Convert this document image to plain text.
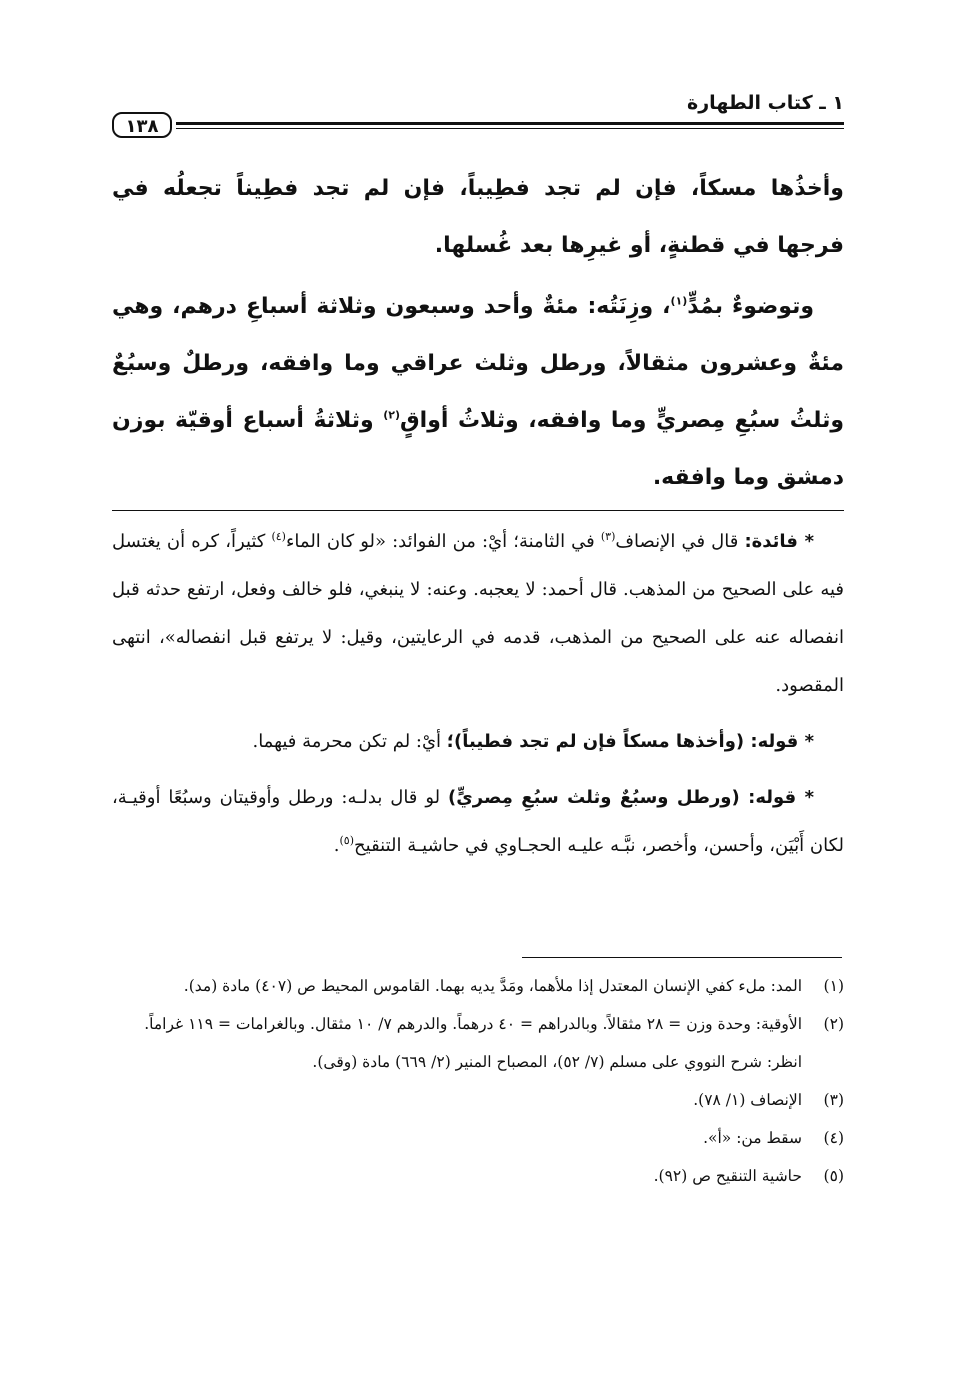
١ ـ كتاب الطهارة
١٣٨

وأخذُها مسكاً، فإن لم تجد فطِيباً، فإن لم تجد فطِيناً تجعلُه في فرجها في قطنةٍ، أو غيرِها بعد غُسلها.

وتوضوءٌ بمُدٍّ$^{(١)}$، وزِنَتُه: مئةٌ وأحد وسبعون وثلاثة أسباعِ درهم، وهي مئةٌ وعشرون مثقالاً، ورطل وثلث عراقي وما وافقه، ورطلٌ وسبُعٌ وثلثُ سبُعِ مِصريٍّ وما وافقه، وثلاثُ أواقٍ$^{(٢)}$ وثلاثةُ أسباع أوقيّة بوزن دمشق وما وافقه.

* فائدة: قال في الإنصاف$^{(٣)}$ في الثامنة؛ أيْ: من الفوائد: «لو كان الماء$^{(٤)}$ كثيراً، كره أن يغتسل فيه على الصحيح من المذهب. قال أحمد: لا يعجبه. وعنه: لا ينبغي، فلو خالف وفعل، ارتفع حدثه قبل انفصاله عنه على الصحيح من المذهب، قدمه في الرعايتين، وقيل: لا يرتفع قبل انفصاله»، انتهى المقصود.

* قوله: (وأخذها مسكاً فإن لم تجد فطيباً)؛ أيْ: لم تكن محرمة فيهما.

* قوله: (ورطل وسبُعٌ وثلث سبُعِ مِصريٍّ) لو قال بدلـه: ورطل وأوقيتان وسبُعًا أوقيـة، لكان أَبْيَن، وأحسن، وأخصر، نبَّـه عليـه الحجـاوي في حاشيـة التنقيح$^{(٥)}$.

(١)
المد: ملء كفي الإنسان المعتدل إذا ملأهما، ومَدَّ يديه بهما. القاموس المحيط ص (٤٠٧) مادة (مد).
(٢)
الأوقية: وحدة وزن = ٢٨ مثقالاً. وبالدراهم = ٤٠ درهماً. والدرهم ٧/ ١٠ مثقال. وبالغرامات = ١١٩ غراماً.
انظر: شرح النووي على مسلم (٧/ ٥٢)، المصباح المنير (٢/ ٦٦٩) مادة (وقى).
(٣)
الإنصاف (١/ ٧٨).
(٤)
سقط من: «أ».
(٥)
حاشية التنقيح ص (٩٢).
